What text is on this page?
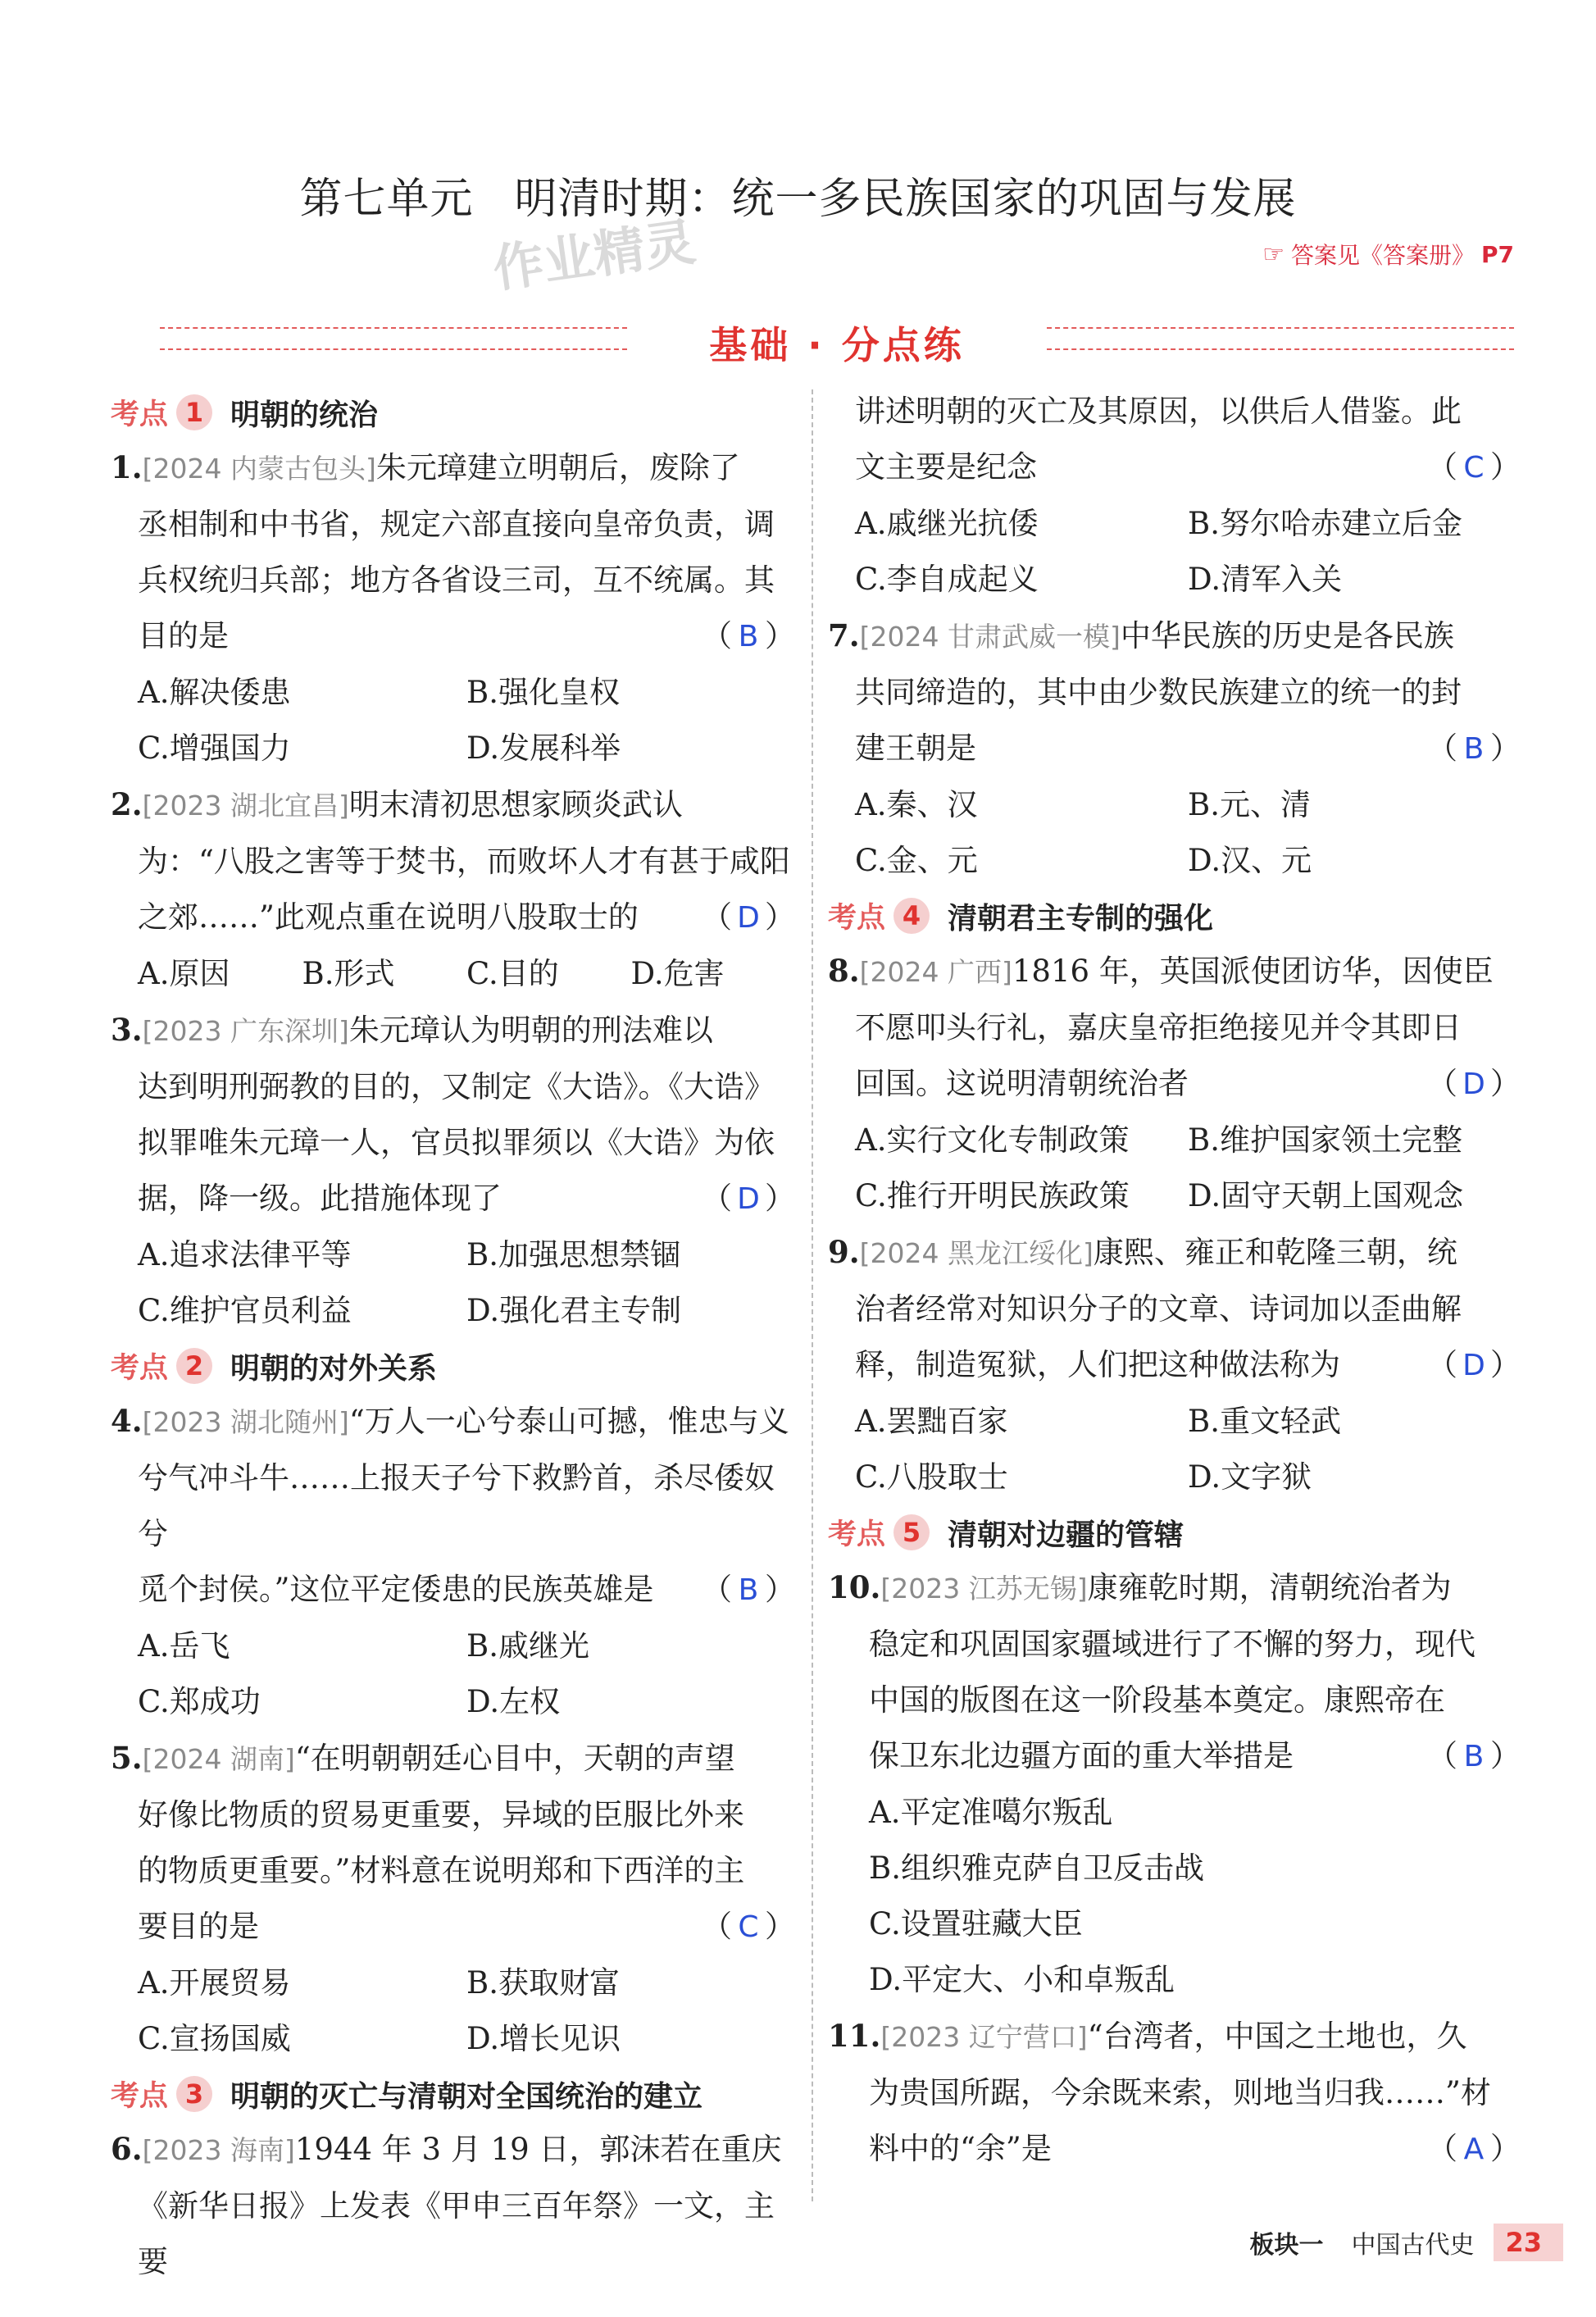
第七单元 明清时期：统一多民族国家的巩固与发展
作业精灵	☞ 答案见《答案册》 P7
基础 · 分点练
考点 1 明朝的统治
1.[2024 内蒙古包头]朱元璋建立明朝后，废除了
丞相制和中书省，规定六部直接向皇帝负责，调
兵权统归兵部；地方各省设三司，互不统属。其
目的是	（ B ）
A.解决倭患	B.强化皇权
C.增强国力	D.发展科举
2.[2023 湖北宜昌]明末清初思想家顾炎武认
为：“八股之害等于焚书，而败坏人才有甚于咸阳
之郊……”此观点重在说明八股取士的 （ D ）
A.原因	B.形式	C.目的	D.危害
3.[2023 广东深圳]朱元璋认为明朝的刑法难以
达到明刑弼教的目的，又制定《大诰》。《大诰》
拟罪唯朱元璋一人，官员拟罪须以《大诰》为依
据，降一级。此措施体现了	（ D ）
A.追求法律平等	B.加强思想禁锢
C.维护官员利益	D.强化君主专制
考点 2 明朝的对外关系
4.[2023 湖北随州]“万人一心兮泰山可撼，惟忠与义
兮气冲斗牛……上报天子兮下救黔首，杀尽倭奴兮
觅个封侯。”这位平定倭患的民族英雄是 （ B ）
A.岳飞	B.戚继光
C.郑成功	D.左权
5.[2024 湖南]“在明朝朝廷心目中，天朝的声望
好像比物质的贸易更重要，异域的臣服比外来
的物质更重要。”材料意在说明郑和下西洋的主
要目的是	（ C ）
A.开展贸易	B.获取财富
C.宣扬国威	D.增长见识
考点 3 明朝的灭亡与清朝对全国统治的建立
6.[2023 海南]1944 年 3 月 19 日，郭沫若在重庆
《新华日报》上发表《甲申三百年祭》一文，主要
讲述明朝的灭亡及其原因，以供后人借鉴。此
文主要是纪念	（ C ）
A.戚继光抗倭	B.努尔哈赤建立后金
C.李自成起义	D.清军入关
7.[2024 甘肃武威一模]中华民族的历史是各民族
共同缔造的，其中由少数民族建立的统一的封
建王朝是	（ B ）
A.秦、汉	B.元、清
C.金、元	D.汉、元
考点 4 清朝君主专制的强化
8.[2024 广西]1816 年，英国派使团访华，因使臣
不愿叩头行礼，嘉庆皇帝拒绝接见并令其即日
回国。这说明清朝统治者	（ D ）
A.实行文化专制政策	B.维护国家领土完整
C.推行开明民族政策	D.固守天朝上国观念
9.[2024 黑龙江绥化]康熙、雍正和乾隆三朝，统
治者经常对知识分子的文章、诗词加以歪曲解
释，制造冤狱，人们把这种做法称为	（ D ）
A.罢黜百家	B.重文轻武
C.八股取士	D.文字狱
考点 5 清朝对边疆的管辖
10.[2023 江苏无锡]康雍乾时期，清朝统治者为
稳定和巩固国家疆域进行了不懈的努力，现代
中国的版图在这一阶段基本奠定。康熙帝在
保卫东北边疆方面的重大举措是	（ B ）
A.平定准噶尔叛乱
B.组织雅克萨自卫反击战
C.设置驻藏大臣
D.平定大、小和卓叛乱
11.[2023 辽宁营口]“台湾者，中国之土地也，久
为贵国所踞，今余既来索，则地当归我……”材
料中的“余”是	（ A ）
板块一 中国古代史	23
